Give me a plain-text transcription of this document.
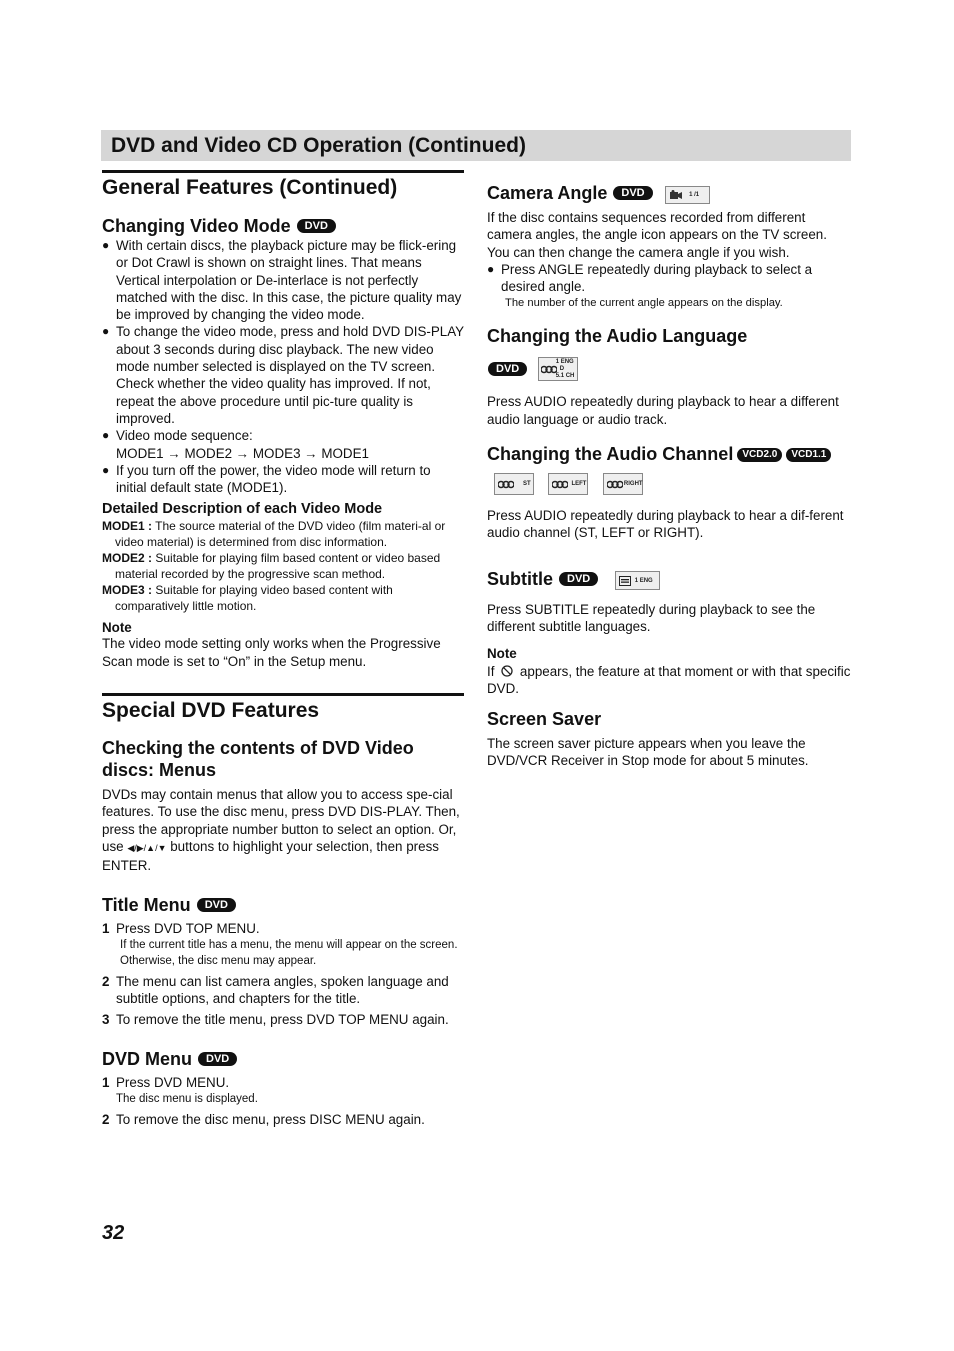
DVD and Video CD Operation (Continued)
General Features (Continued)
Changing Video Mode DVD
● With certain discs, the playback picture may be flick-ering or Dot Crawl is shown on straight lines. That means Vertical interpolation or De-interlace is not perfectly matched with the disc. In this case, the picture quality may be improved by changing the video mode.
● To change the video mode, press and hold DVD DIS-PLAY about 3 seconds during disc playback. The new video mode number selected is displayed on the TV screen. Check whether the video quality has improved. If not, repeat the above procedure until pic-ture quality is improved.
● Video mode sequence:
MODE1 → MODE2 → MODE3 → MODE1
● If you turn off the power, the video mode will return to initial default state (MODE1).
Detailed Description of each Video Mode
MODE1 : The source material of the DVD video (film materi-al or video material) is determined from disc information.
MODE2 : Suitable for playing film based content or video based material recorded by the progressive scan method.
MODE3 : Suitable for playing video based content with comparatively little motion.
Note

The video mode setting only works when the Progressive Scan mode is set to “On” in the Setup menu.

Special DVD Features
Checking the contents of DVD Video discs: Menus

DVDs may contain menus that allow you to access spe-cial features. To use the disc menu, press DVD DIS-PLAY. Then, press the appropriate number button to select an option. Or, use ◀/▶/▲/▼ buttons to highlight your selection, then press ENTER.

Title Menu DVD
1 Press DVD TOP MENU.
If the current title has a menu, the menu will appear on the screen. Otherwise, the disc menu may appear.
2 The menu can list camera angles, spoken language and subtitle options, and chapters for the title.
3 To remove the title menu, press DVD TOP MENU again.
DVD Menu DVD
1 Press DVD MENU.
The disc menu is displayed.
2 To remove the disc menu, press DISC MENU again.
Camera Angle DVD	1 /1

If the disc contains sequences recorded from different camera angles, the angle icon appears on the TV screen. You can then change the camera angle if you wish.

● Press ANGLE repeatedly during playback to select a desired angle.
The number of the current angle appears on the display.
Changing the Audio Language
DVD
1 ENG
D
5.1 CH

Press AUDIO repeatedly during playback to hear a different audio language or audio track.

Changing the Audio Channel VCD2.0 VCD1.1
ST
	LEFT
	RIGHT

Press AUDIO repeatedly during playback to hear a dif-ferent audio channel (ST, LEFT or RIGHT).

Subtitle DVD	1 ENG

Press SUBTITLE repeatedly during playback to see the different subtitle languages.

Note

If appears, the feature at that moment or with that specific DVD.

Screen Saver

The screen saver picture appears when you leave the DVD/VCR Receiver in Stop mode for about 5 minutes.

32
